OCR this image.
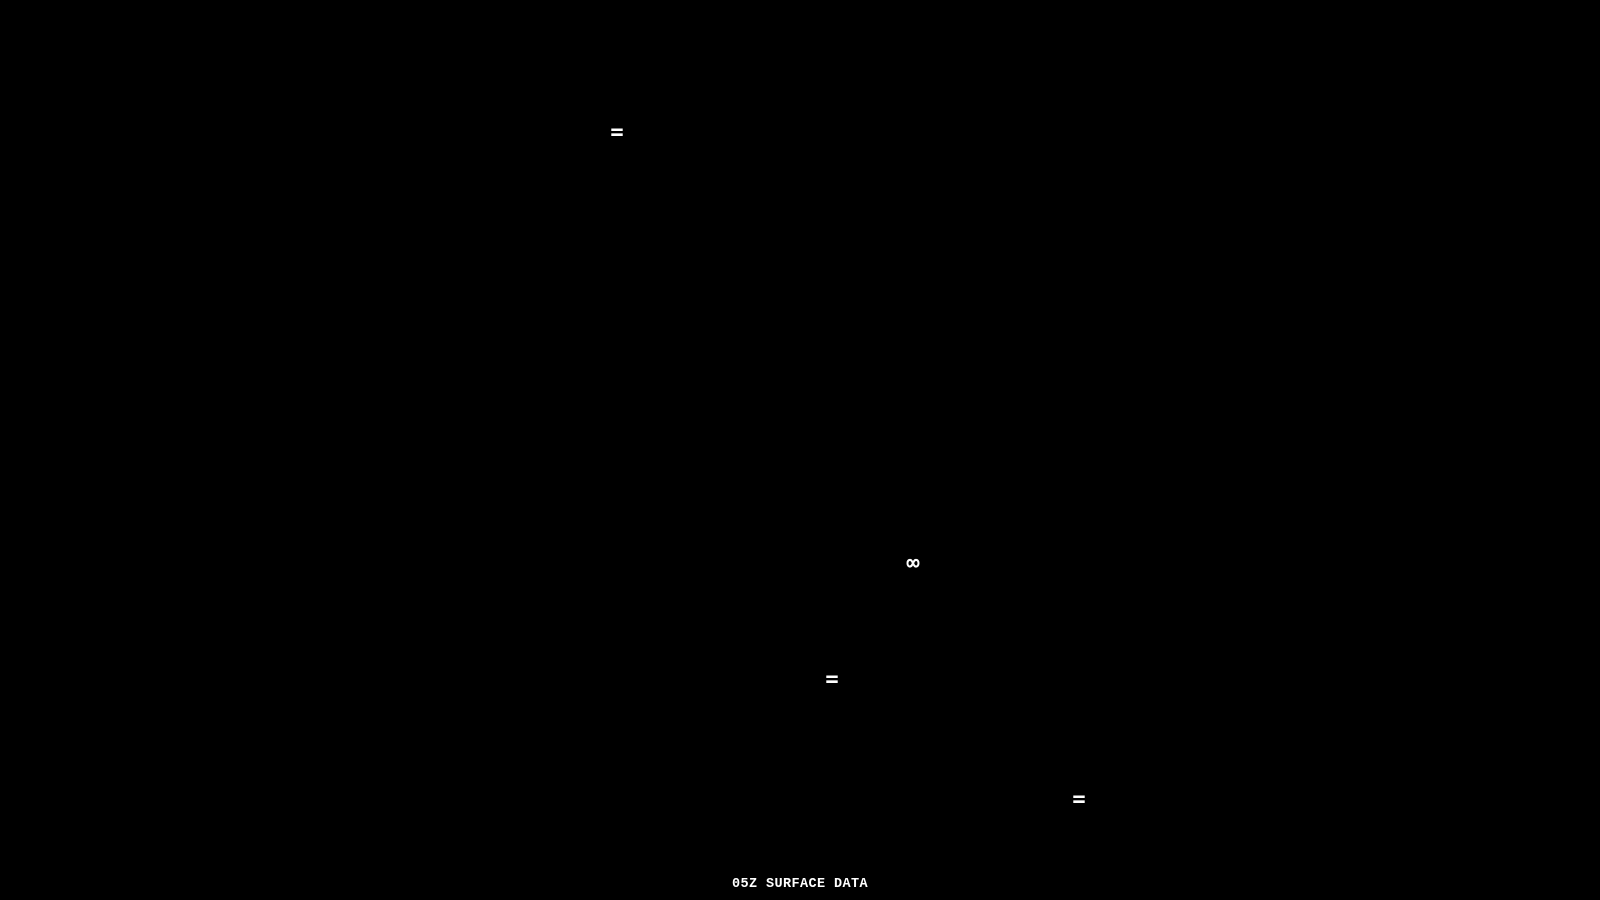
=
∞
=
=
05Z SURFACE DATA
